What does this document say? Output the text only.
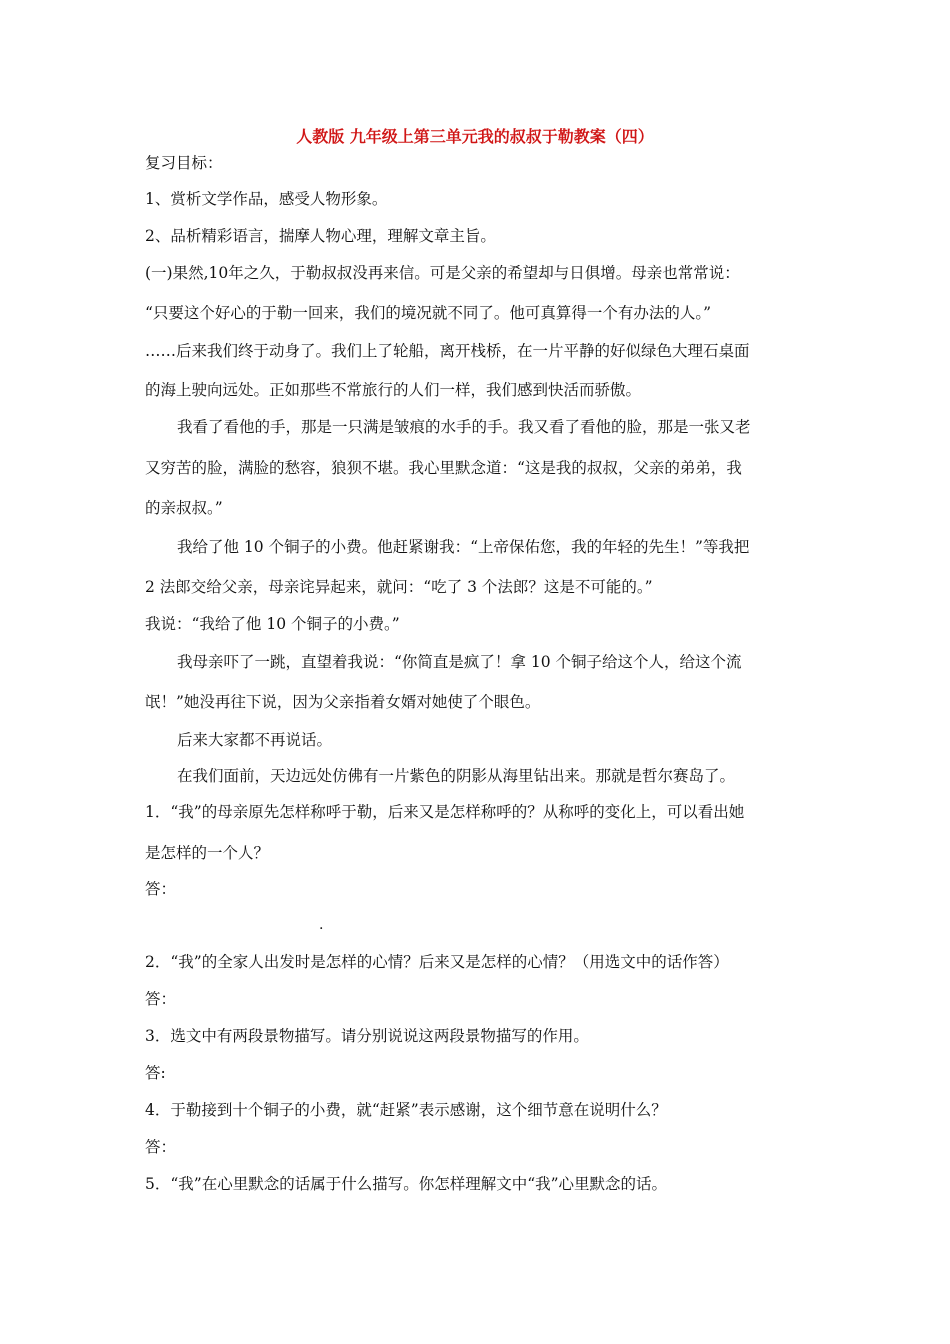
人教版 九年级上第三单元我的叔叔于勒教案（四）
复习目标：
1、赏析文学作品，感受人物形象。
2、品析精彩语言，揣摩人物心理，理解文章主旨。
(一)果然,10年之久，于勒叔叔没再来信。可是父亲的希望却与日俱增。母亲也常常说：
“只要这个好心的于勒一回来，我们的境况就不同了。他可真算得一个有办法的人。”
……后来我们终于动身了。我们上了轮船，离开栈桥，在一片平静的好似绿色大理石桌面
的海上驶向远处。正如那些不常旅行的人们一样，我们感到快活而骄傲。
我看了看他的手，那是一只满是皱痕的水手的手。我又看了看他的脸，那是一张又老
又穷苦的脸，满脸的愁容，狼狈不堪。我心里默念道：“这是我的叔叔，父亲的弟弟，我
的亲叔叔。”
我给了他 10 个铜子的小费。他赶紧谢我：“上帝保佑您，我的年轻的先生！”等我把
2 法郎交给父亲，母亲诧异起来，就问：“吃了 3 个法郎？这是不可能的。”
我说：“我给了他 10 个铜子的小费。”
我母亲吓了一跳，直望着我说：“你简直是疯了！拿 10 个铜子给这个人，给这个流
氓！”她没再往下说，因为父亲指着女婿对她使了个眼色。
后来大家都不再说话。
在我们面前，天边远处仿佛有一片紫色的阴影从海里钻出来。那就是哲尔赛岛了。
1．“我”的母亲原先怎样称呼于勒，后来又是怎样称呼的？从称呼的变化上，可以看出她
是怎样的一个人？
答：
.
2．“我”的全家人出发时是怎样的心情？后来又是怎样的心情？（用选文中的话作答）
答：
3．选文中有两段景物描写。请分别说说这两段景物描写的作用。
答:
4．于勒接到十个铜子的小费，就“赶紧”表示感谢，这个细节意在说明什么？
答：
5．“我”在心里默念的话属于什么描写。你怎样理解文中“我”心里默念的话。
